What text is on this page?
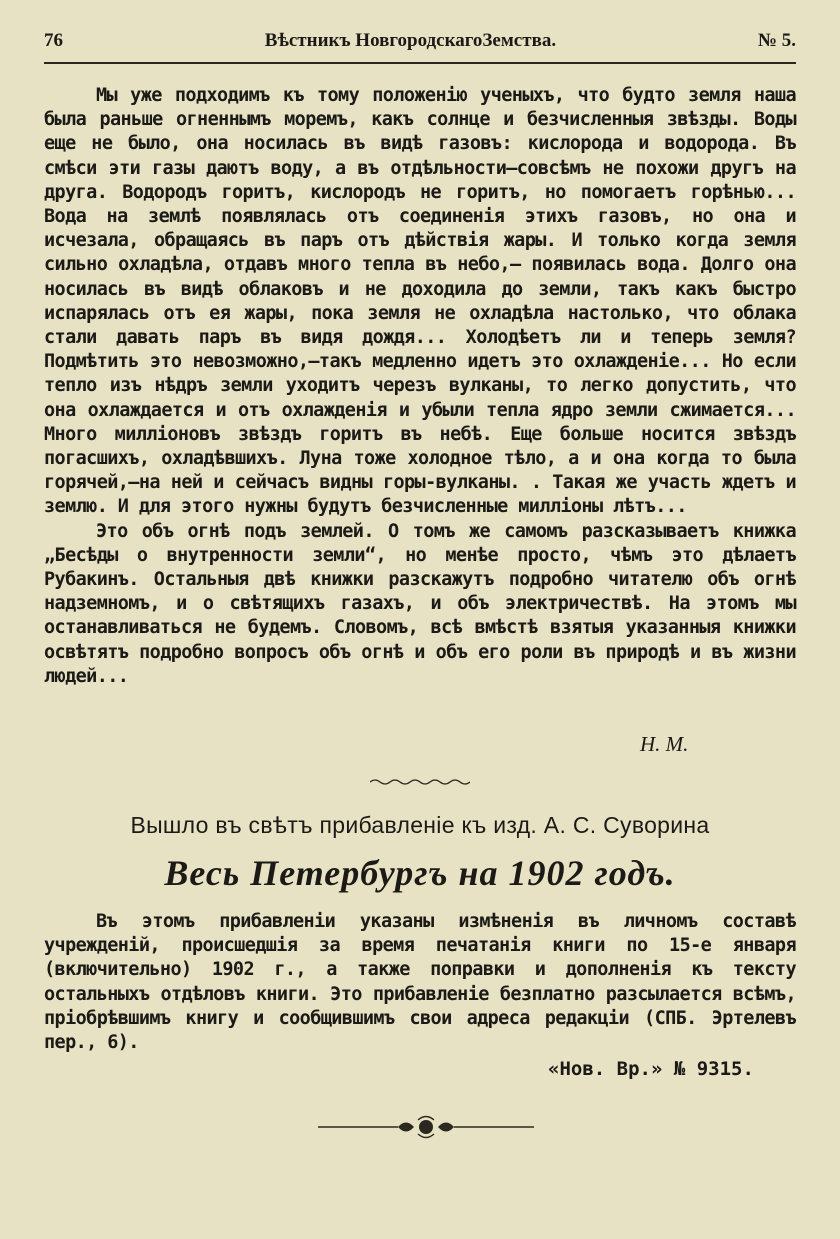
76	Вѣстникъ НовгородскагоЗемства.	№ 5.

Мы уже подходимъ къ тому положенію ученыхъ, что будто земля наша была раньше огненнымъ моремъ, какъ солнце и безчисленныя звѣзды. Воды еще не было, она носилась въ видѣ газовъ: кислорода и водорода. Въ смѣси эти газы даютъ воду, а въ отдѣльности—совсѣмъ не похожи другъ на друга. Водородъ горитъ, кислородъ не горитъ, но помогаетъ горѣнью... Вода на землѣ появлялась отъ соединенія этихъ газовъ, но она и исчезала, обращаясь въ паръ отъ дѣйствія жары. И только когда земля сильно охладѣла, отдавъ много тепла въ небо,— появилась вода. Долго она носилась въ видѣ облаковъ и не доходила до земли, такъ какъ быстро испарялась отъ ея жары, пока земля не охладѣла настолько, что облака стали давать паръ въ видя дождя... Холодѣетъ ли и теперь земля? Подмѣтить это невозможно,—такъ медленно идетъ это охлажденіе... Но если тепло изъ нѣдръ земли уходитъ черезъ вулканы, то легко допустить, что она охлаждается и отъ охлажденія и убыли тепла ядро земли сжимается... Много милліоновъ звѣздъ горитъ въ небѣ. Еще больше носится звѣздъ погасшихъ, охладѣвшихъ. Луна тоже холодное тѣло, а и она когда то была горячей,—на ней и сейчасъ видны горы-вулканы. . Такая же участь ждетъ и землю. И для этого нужны будутъ безчисленные милліоны лѣтъ...

Это объ огнѣ подъ землей. О томъ же самомъ разсказываетъ книжка „Бесѣды о внутренности земли“, но менѣе просто, чѣмъ это дѣлаетъ Рубакинъ. Остальныя двѣ книжки разскажутъ подробно читателю объ огнѣ надземномъ, и о свѣтящихъ газахъ, и объ электричествѣ. На этомъ мы останавливаться не будемъ. Словомъ, всѣ вмѣстѣ взятыя указанныя книжки освѣтятъ подробно вопросъ объ огнѣ и объ его роли въ природѣ и въ жизни людей...

Н. М.
Вышло въ свѣтъ прибавленіе къ изд. А. С. Суворина
Весь Петербургъ на 1902 годъ.

Въ этомъ прибавленіи указаны измѣненія въ личномъ составѣ учрежденій, происшедшія за время печатанія книги по 15-е января (включительно) 1902 г., а также поправки и дополненія къ тексту остальныхъ отдѣловъ книги. Это прибавленіе безплатно разсылается всѣмъ, пріобрѣвшимъ книгу и сообщившимъ свои адреса редакціи (СПБ. Эртелевъ пер., 6).

«Нов. Вр.» № 9315.
